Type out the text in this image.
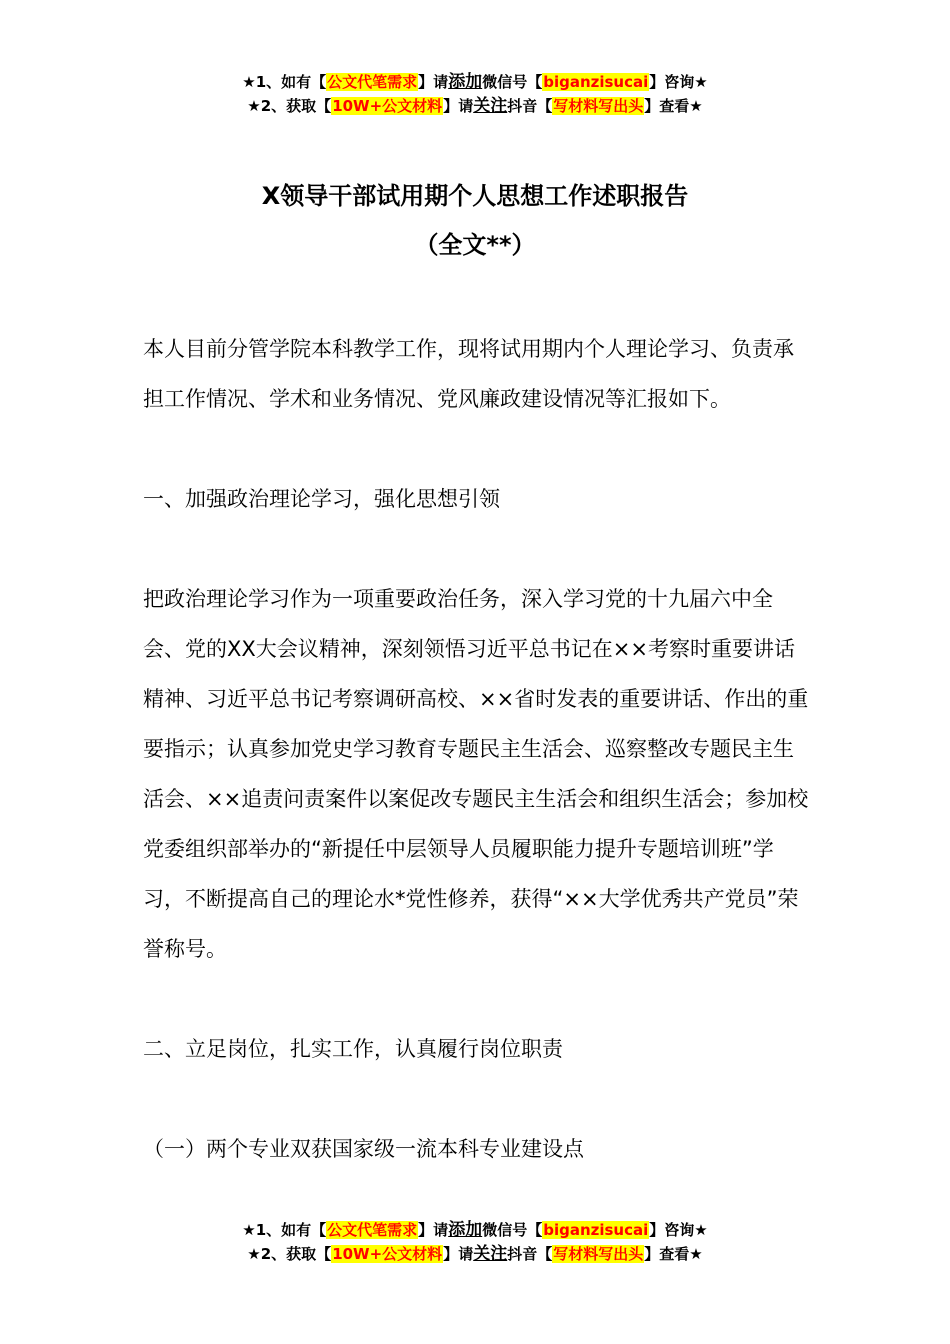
★1、如有【公文代笔需求】请添加微信号【biganzisucai】咨询★
★2、获取【10W+公文材料】请关注抖音【写材料写出头】查看★
X领导干部试用期个人思想工作述职报告
（全文**）

本人目前分管学院本科教学工作，现将试用期内个人理论学习、负责承担工作情况、学术和业务情况、党风廉政建设情况等汇报如下。

一、加强政治理论学习，强化思想引领

把政治理论学习作为一项重要政治任务，深入学习党的十九届六中全会、党的XX大会议精神，深刻领悟习近平总书记在××考察时重要讲话精神、习近平总书记考察调研高校、××省时发表的重要讲话、作出的重要指示；认真参加党史学习教育专题民主生活会、巡察整改专题民主生活会、××追责问责案件以案促改专题民主生活会和组织生活会；参加校党委组织部举办的“新提任中层领导人员履职能力提升专题培训班”学习，不断提高自己的理论水*党性修养，获得“××大学优秀共产党员”荣誉称号。

二、立足岗位，扎实工作，认真履行岗位职责

（一）两个专业双获国家级一流本科专业建设点

★1、如有【公文代笔需求】请添加微信号【biganzisucai】咨询★
★2、获取【10W+公文材料】请关注抖音【写材料写出头】查看★
